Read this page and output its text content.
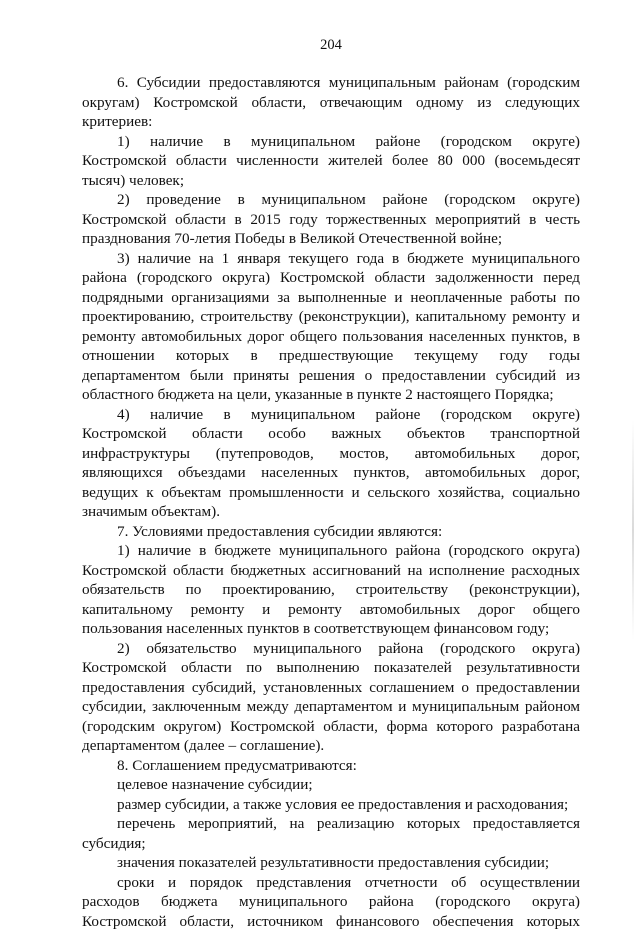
204
6. Субсидии предоставляются муниципальным районам (городским
округам) Костромской области, отвечающим одному из следующих
критериев:
1) наличие в муниципальном районе (городском округе)
Костромской области численности жителей более 80 000 (восемьдесят
тысяч) человек;
2) проведение в муниципальном районе (городском округе)
Костромской области в 2015 году торжественных мероприятий в честь
празднования 70-летия Победы в Великой Отечественной войне;
3) наличие на 1 января текущего года в бюджете муниципального
района (городского округа) Костромской области задолженности перед
подрядными организациями за выполненные и неоплаченные работы по
проектированию, строительству (реконструкции), капитальному ремонту и
ремонту автомобильных дорог общего пользования населенных пунктов, в
отношении которых в предшествующие текущему году годы
департаментом были приняты решения о предоставлении субсидий из
областного бюджета на цели, указанные в пункте 2 настоящего Порядка;
4) наличие в муниципальном районе (городском округе)
Костромской области особо важных объектов транспортной
инфраструктуры (путепроводов, мостов, автомобильных дорог,
являющихся объездами населенных пунктов, автомобильных дорог,
ведущих к объектам промышленности и сельского хозяйства, социально
значимым объектам).
7. Условиями предоставления субсидии являются:
1) наличие в бюджете муниципального района (городского округа)
Костромской области бюджетных ассигнований на исполнение расходных
обязательств по проектированию, строительству (реконструкции),
капитальному ремонту и ремонту автомобильных дорог общего
пользования населенных пунктов в соответствующем финансовом году;
2) обязательство муниципального района (городского округа)
Костромской области по выполнению показателей результативности
предоставления субсидий, установленных соглашением о предоставлении
субсидии, заключенным между департаментом и муниципальным районом
(городским округом) Костромской области, форма которого разработана
департаментом (далее – соглашение).
8. Соглашением предусматриваются:
целевое назначение субсидии;
размер субсидии, а также условия ее предоставления и расходования;
перечень мероприятий, на реализацию которых предоставляется
субсидия;
значения показателей результативности предоставления субсидии;
сроки и порядок представления отчетности об осуществлении
расходов бюджета муниципального района (городского округа)
Костромской области, источником финансового обеспечения которых
